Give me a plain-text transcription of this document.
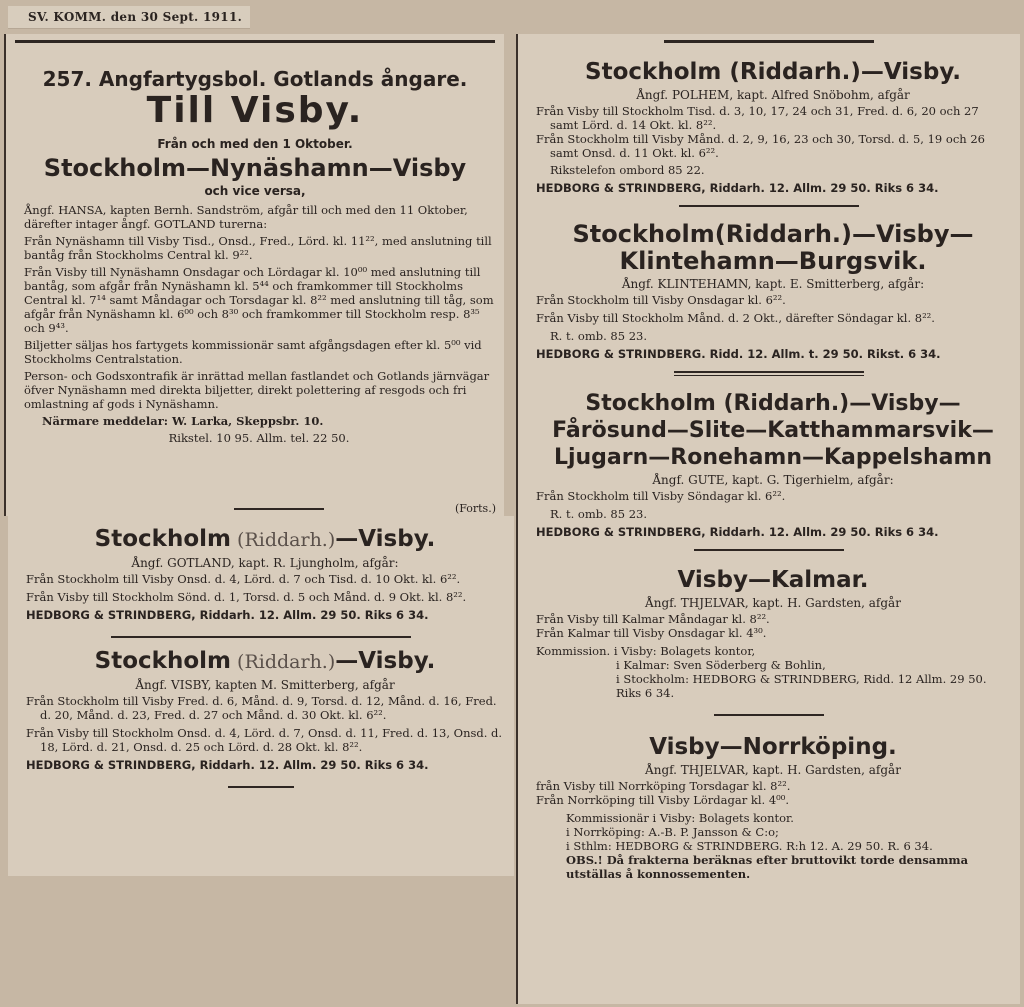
SV. KOMM. den 30 Sept. 1911.
257. Angfartygsbol. Gotlands ångare.
Till Visby.
Från och med den 1 Oktober.
Stockholm—Nynäshamn—Visby
och vice versa,

Ångf. HANSA, kapten Bernh. Sandström, afgår till och med den 11 Oktober, därefter intager ångf. GOTLAND turerna:

Från Nynäshamn till Visby Tisd., Onsd., Fred., Lörd. kl. 11²², med anslutning till bantåg från Stockholms Central kl. 9²².

Från Visby till Nynäshamn Onsdagar och Lördagar kl. 10⁰⁰ med anslutning till bantåg, som afgår från Nynäshamn kl. 5⁴⁴ och framkommer till Stockholms Central kl. 7¹⁴ samt Måndagar och Torsdagar kl. 8²² med anslutning till tåg, som afgår från Nynäshamn kl. 6⁰⁰ och 8³⁰ och framkommer till Stockholm resp. 8³⁵ och 9⁴³.

Biljetter säljas hos fartygets kommissionär samt afgångsdagen efter kl. 5⁰⁰ vid Stockholms Centralstation.

Person- och Godsxontrafik är inrättad mellan fastlandet och Gotlands järnvägar öfver Nynäshamn med direkta biljetter, direkt polettering af resgods och fri omlastning af gods i Nynäshamn.

Närmare meddelar: W. Larka, Skeppsbr. 10.

Rikstel. 10 95. Allm. tel. 22 50.

(Forts.)
Stockholm (Riddarh.)—Visby.
Ångf. GOTLAND, kapt. R. Ljungholm, afgår:

Från Stockholm till Visby Onsd. d. 4, Lörd. d. 7 och Tisd. d. 10 Okt. kl. 6²².

Från Visby till Stockholm Sönd. d. 1, Torsd. d. 5 och Månd. d. 9 Okt. kl. 8²².

HEDBORG & STRINDBERG, Riddarh. 12. Allm. 29 50. Riks 6 34.
Stockholm (Riddarh.)—Visby.
Ångf. VISBY, kapten M. Smitterberg, afgår

Från Stockholm till Visby Fred. d. 6, Månd. d. 9, Torsd. d. 12, Månd. d. 16, Fred. d. 20, Månd. d. 23, Fred. d. 27 och Månd. d. 30 Okt. kl. 6²².

Från Visby till Stockholm Onsd. d. 4, Lörd. d. 7, Onsd. d. 11, Fred. d. 13, Onsd. d. 18, Lörd. d. 21, Onsd. d. 25 och Lörd. d. 28 Okt. kl. 8²².

HEDBORG & STRINDBERG, Riddarh. 12. Allm. 29 50. Riks 6 34.
Stockholm (Riddarh.)—Visby.
Ångf. POLHEM, kapt. Alfred Snöbohm, afgår

Från Visby till Stockholm Tisd. d. 3, 10, 17, 24 och 31, Fred. d. 6, 20 och 27 samt Lörd. d. 14 Okt. kl. 8²².

Från Stockholm till Visby Månd. d. 2, 9, 16, 23 och 30, Torsd. d. 5, 19 och 26 samt Onsd. d. 11 Okt. kl. 6²².

Rikstelefon ombord 85 22.

HEDBORG & STRINDBERG, Riddarh. 12. Allm. 29 50. Riks 6 34.
Stockholm(Riddarh.)—Visby—Klintehamn—Burgsvik.
Ångf. KLINTEHAMN, kapt. E. Smitterberg, afgår:

Från Stockholm till Visby Onsdagar kl. 6²².

Från Visby till Stockholm Månd. d. 2 Okt., därefter Söndagar kl. 8²².

R. t. omb. 85 23.

HEDBORG & STRINDBERG. Ridd. 12. Allm. t. 29 50. Rikst. 6 34.
Stockholm (Riddarh.)—Visby—Fårösund—Slite—Katthammarsvik—Ljugarn—Ronehamn—Kappelshamn
Ångf. GUTE, kapt. G. Tigerhielm, afgår:

Från Stockholm till Visby Söndagar kl. 6²².

R. t. omb. 85 23.

HEDBORG & STRINDBERG, Riddarh. 12. Allm. 29 50. Riks 6 34.
Visby—Kalmar.
Ångf. THJELVAR, kapt. H. Gardsten, afgår

Från Visby till Kalmar Måndagar kl. 8²².

Från Kalmar till Visby Onsdagar kl. 4³⁰.

Kommission. i Visby: Bolagets kontor,

i Kalmar: Sven Söderberg & Bohlin,

i Stockholm: HEDBORG & STRINDBERG, Ridd. 12 Allm. 29 50. Riks 6 34.

Visby—Norrköping.
Ångf. THJELVAR, kapt. H. Gardsten, afgår

från Visby till Norrköping Torsdagar kl. 8²².

Från Norrköping till Visby Lördagar kl. 4⁰⁰.

Kommissionär i Visby: Bolagets kontor.

i Norrköping: A.-B. P. Jansson & C:o;

i Sthlm: HEDBORG & STRINDBERG. R:h 12. A. 29 50. R. 6 34.

OBS.! Då frakterna beräknas efter bruttovikt torde densamma utställas å konnossementen.
